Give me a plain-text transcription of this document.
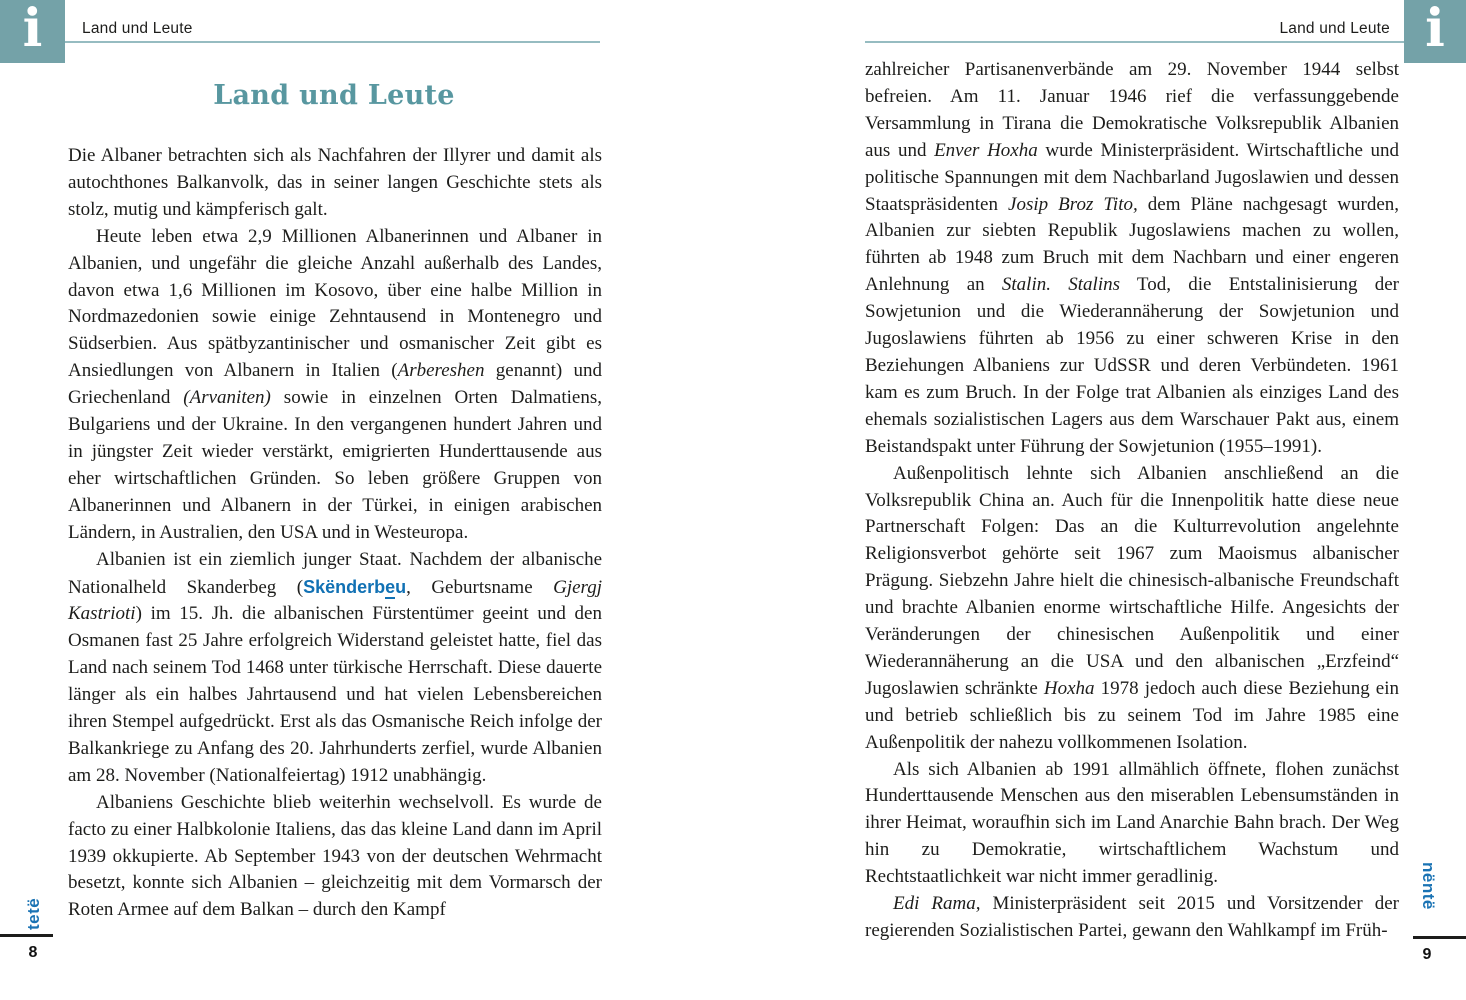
i	Land und Leute
Land und Leute

Die Albaner betrachten sich als Nachfahren der Illyrer und damit als autochthones Balkanvolk, das in seiner langen Geschichte stets als stolz, mutig und kämpferisch galt.

Heute leben etwa 2,9 Millionen Albanerinnen und Albaner in Albanien, und ungefähr die gleiche Anzahl außerhalb des Landes, davon etwa 1,6 Millionen im Kosovo, über eine halbe Million in Nordmazedonien sowie einige Zehntausend in Montenegro und Südserbien. Aus spätbyzantinischer und osmanischer Zeit gibt es Ansiedlungen von Albanern in Italien (Arbereshen genannt) und Griechenland (Arvaniten) sowie in einzelnen Orten Dalmatiens, Bulgariens und der Ukraine. In den vergangenen hundert Jahren und in jüngster Zeit wieder verstärkt, emigrierten Hunderttausende aus eher wirtschaftlichen Gründen. So leben größere Gruppen von Albanerinnen und Albanern in der Türkei, in einigen arabischen Ländern, in Australien, den USA und in Westeuropa.

Albanien ist ein ziemlich junger Staat. Nachdem der albanische Nationalheld Skanderbeg (Skënderbeu, Geburtsname Gjergj Kastrioti) im 15. Jh. die albanischen Fürstentümer geeint und den Osmanen fast 25 Jahre erfolgreich Widerstand geleistet hatte, fiel das Land nach seinem Tod 1468 unter türkische Herrschaft. Diese dauerte länger als ein halbes Jahrtausend und hat vielen Lebensbereichen ihren Stempel aufgedrückt. Erst als das Osmanische Reich infolge der Balkankriege zu Anfang des 20. Jahrhunderts zerfiel, wurde Albanien am 28. November (Nationalfeiertag) 1912 unabhängig.

Albaniens Geschichte blieb weiterhin wechselvoll. Es wurde de facto zu einer Halbkolonie Italiens, das das kleine Land dann im April 1939 okkupierte. Ab September 1943 von der deutschen Wehrmacht besetzt, konnte sich Albanien – gleichzeitig mit dem Vormarsch der Roten Armee auf dem Balkan – durch den Kampf

tetë
8
Land und Leute i

zahlreicher Partisanenverbände am 29. November 1944 selbst befreien. Am 11. Januar 1946 rief die verfassunggebende Versammlung in Tirana die Demokratische Volksrepublik Albanien aus und Enver Hoxha wurde Ministerpräsident. Wirtschaftliche und politische Spannungen mit dem Nachbarland Jugoslawien und dessen Staatspräsidenten Josip Broz Tito, dem Pläne nachgesagt wurden, Albanien zur siebten Republik Jugoslawiens machen zu wollen, führten ab 1948 zum Bruch mit dem Nachbarn und einer engeren Anlehnung an Stalin. Stalins Tod, die Entstalinisierung der Sowjetunion und die Wiederannäherung der Sowjetunion und Jugoslawiens führten ab 1956 zu einer schweren Krise in den Beziehungen Albaniens zur UdSSR und deren Verbündeten. 1961 kam es zum Bruch. In der Folge trat Albanien als einziges Land des ehemals sozialistischen Lagers aus dem Warschauer Pakt aus, einem Beistandspakt unter Führung der Sowjetunion (1955–1991).

Außenpolitisch lehnte sich Albanien anschließend an die Volksrepublik China an. Auch für die Innenpolitik hatte diese neue Partnerschaft Folgen: Das an die Kulturrevolution angelehnte Religionsverbot gehörte seit 1967 zum Maoismus albanischer Prägung. Siebzehn Jahre hielt die chinesisch-albanische Freundschaft und brachte Albanien enorme wirtschaftliche Hilfe. Angesichts der Veränderungen der chinesischen Außenpolitik und einer Wiederannäherung an die USA und den albanischen „Erzfeind“ Jugoslawien schränkte Hoxha 1978 jedoch auch diese Beziehung ein und betrieb schließlich bis zu seinem Tod im Jahre 1985 eine Außenpolitik der nahezu vollkommenen Isolation.

Als sich Albanien ab 1991 allmählich öffnete, flohen zunächst Hunderttausende Menschen aus den miserablen Lebensumständen in ihrer Heimat, woraufhin sich im Land Anarchie Bahn brach. Der Weg hin zu Demokratie, wirtschaftlichem Wachstum und Rechtstaatlichkeit war nicht immer geradlinig.

Edi Rama, Ministerpräsident seit 2015 und Vorsitzender der regierenden Sozialistischen Partei, gewann den Wahlkampf im Früh-

nëntë
9
